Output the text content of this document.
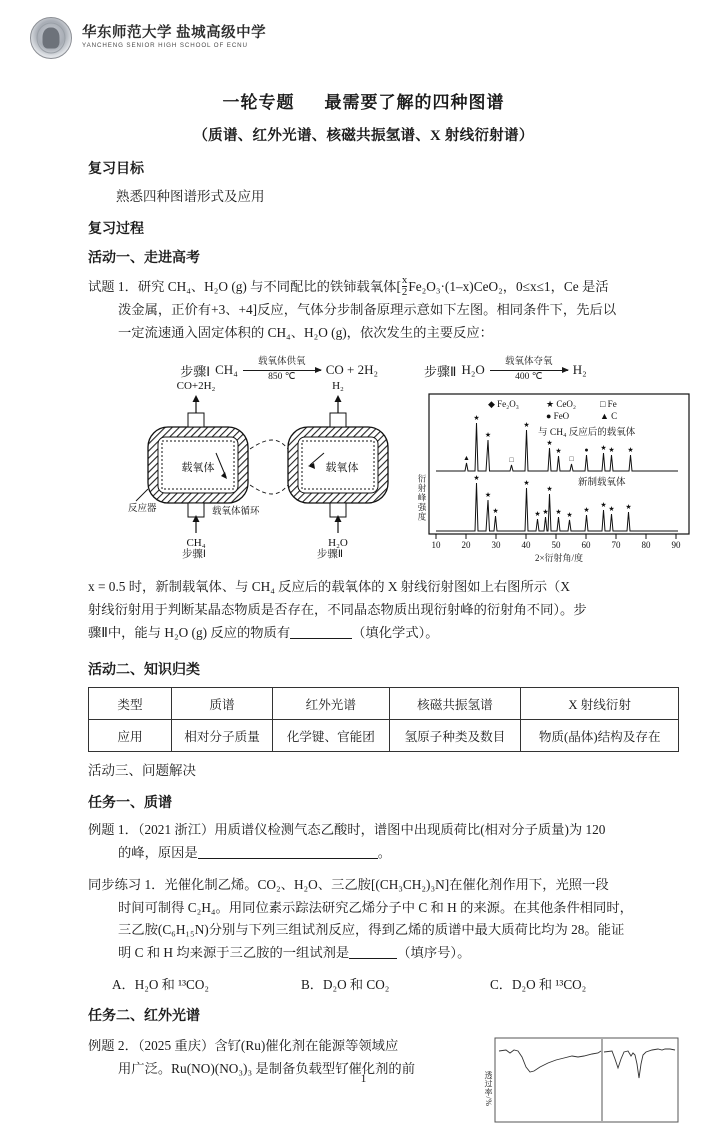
华东师范大学 盐城高级中学
YANCHENG SENIOR HIGH SCHOOL OF ECNU
一轮专题 最需要了解的四种图谱
（质谱、红外光谱、核磁共振氢谱、X 射线衍射谱）
复习目标
熟悉四种图谱形式及应用
复习过程
活动一、走进高考
试题 1．研究 CH₄、H₂O (g) 与不同配比的铁铈载氧体[ $\frac{x}{2} Fe_2O_3\cdot(1-x)CeO_2$，0≤x≤1，Ce 是活
泼金属，正价有+3、+4]反应，气体分步制备原理示意如下左图。相同条件下，先后以
一定流速通入固定体积的 CH₄、H₂O (g)，依次发生的主要反应：
步骤Ⅰ CH₄
载氧体供氧
850 ℃ CO + 2H₂	步骤Ⅱ H₂O
载氧体夺氧
400 ℃ H₂
CO+2H₂
CH₄
载氧体
H₂
H₂O
载氧体
反应器	载氧体循环
步骤Ⅰ	步骤Ⅱ
衍射峰强度
◆ Fe₂O₃	★ CeO₂	□ Fe
● FeO	▲ C
与 CH₄ 反应后的载氧体
新制载氧体
▲
★
★
□
★
★
★
□
● ★ ★ ★
★
★
★
★
★ ★
★
★ ★
★
★ ★ ★
10 20 30 40 50 60 70 80 90
2×衍射角/度
x = 0.5 时，新制载氧体、与 CH₄ 反应后的载氧体的 X 射线衍射图如上右图所示（X
射线衍射用于判断某晶态物质是否存在，不同晶态物质出现衍射峰的衍射角不同）。步
骤Ⅱ中，能与 H₂O (g) 反应的物质有	（填化学式）。
活动二、知识归类
类型	质谱	红外光谱	核磁共振氢谱	X 射线衍射
应用	相对分子质量	化学键、官能团	氢原子种类及数目	物质(晶体)结构及存在
活动三、问题解决
任务一、质谱
例题 1．（2021 浙江）用质谱仪检测气态乙酸时，谱图中出现质荷比(相对分子质量)为 120
的峰，原因是	。
同步练习 1．光催化制乙烯。CO₂、H₂O、三乙胺[(CH₃CH₂)₃N]在催化剂作用下，光照一段
时间可制得 C₂H₄。用同位素示踪法研究乙烯分子中 C 和 H 的来源。在其他条件相同时，
三乙胺(C₆H₁₅N)分别与下列三组试剂反应，得到乙烯的质谱中最大质荷比均为 28。能证
明 C 和 H 均来源于三乙胺的一组试剂是	（填序号）。
A．H₂O 和 ¹³CO₂	B．D₂O 和 CO₂	C．D₂O 和 ¹³CO₂
任务二、红外光谱
例题 2．（2025 重庆）含钌(Ru)催化剂在能源等领域应
用广泛。Ru(NO)(NO₃)₃ 是制备负载型钌催化剂的前
透过率/%
1
